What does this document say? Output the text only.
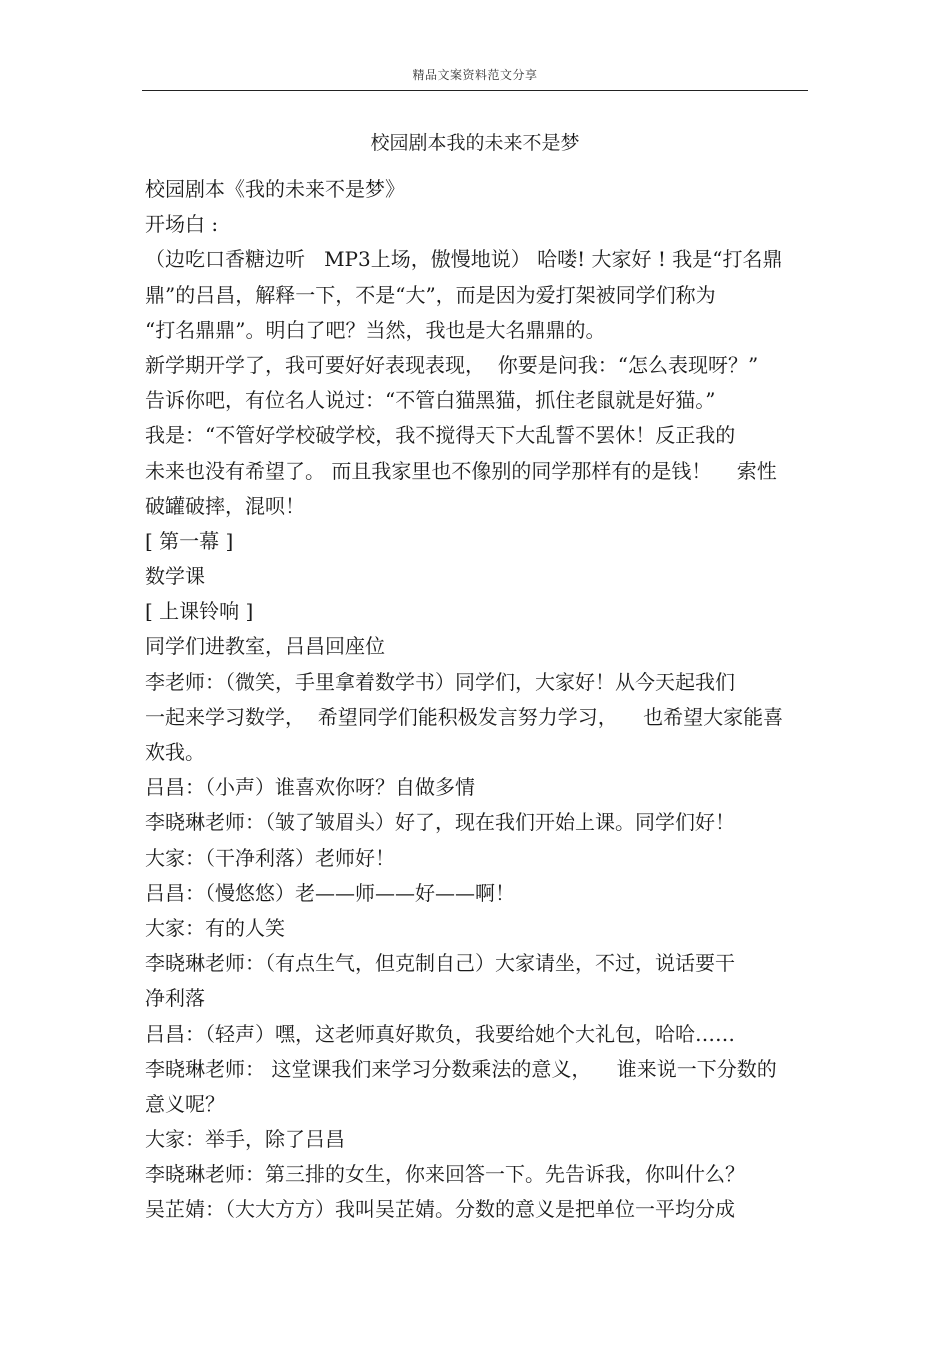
精品文案资料范文分享
校园剧本我的未来不是梦
校园剧本《我的未来不是梦》
开场白 :
（边吃口香糖边听   MP3上场，傲慢地说） 哈喽! 大家好 ! 我是“打名鼎
鼎”的吕昌，解释一下，不是“大”，而是因为爱打架被同学们称为
“打名鼎鼎”。明白了吧？当然，我也是大名鼎鼎的。
新学期开学了，我可要好好表现表现，  你要是问我：“怎么表现呀？”
告诉你吧，有位名人说过：“不管白猫黑猫，抓住老鼠就是好猫。”
我是：“不管好学校破学校，我不搅得天下大乱誓不罢休！反正我的
未来也没有希望了。 而且我家里也不像别的同学那样有的是钱！    索性
破罐破摔，混呗！
[ 第一幕 ]
数学课
[ 上课铃响 ]
同学们进教室，吕昌回座位
李老师：（微笑，手里拿着数学书）同学们，大家好！从今天起我们
一起来学习数学，  希望同学们能积极发言努力学习，    也希望大家能喜
欢我。
吕昌：（小声）谁喜欢你呀？自做多情
李晓琳老师：（皱了皱眉头）好了，现在我们开始上课。同学们好！
大家：（干净利落）老师好！
吕昌：（慢悠悠）老——师——好——啊！
大家：有的人笑
李晓琳老师：（有点生气，但克制自己）大家请坐，不过，说话要干
净利落
吕昌：（轻声）嘿，这老师真好欺负，我要给她个大礼包，哈哈……
李晓琳老师： 这堂课我们来学习分数乘法的意义，    谁来说一下分数的
意义呢？
大家：举手，除了吕昌
李晓琳老师：第三排的女生，你来回答一下。先告诉我，你叫什么？
吴芷婧：（大大方方）我叫吴芷婧。分数的意义是把单位一平均分成
